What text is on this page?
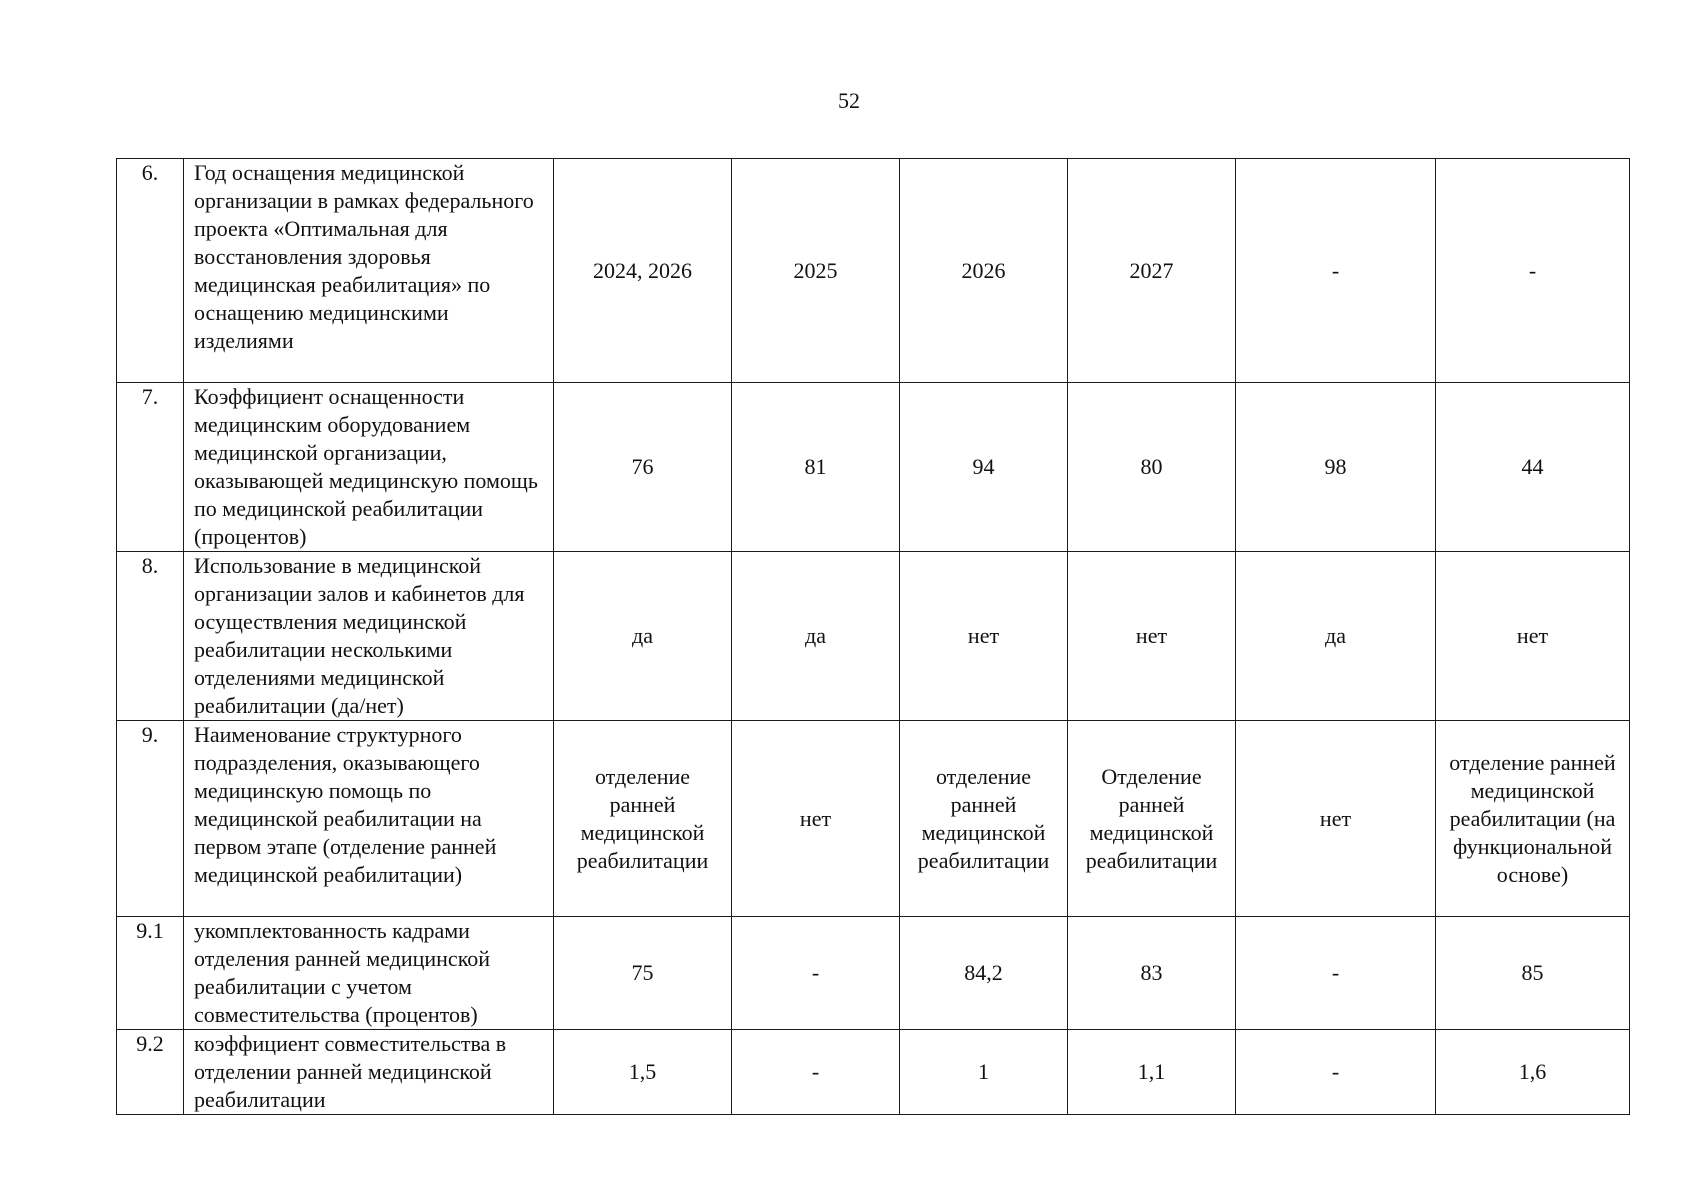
52
6.	Год оснащения медицинской организации в рамках федерального проекта «Оптимальная для восстановления здоровья медицинская реабилитация» по оснащению медицинскими изделиями	2024, 2026	2025	2026	2027	-	-
7.	Коэффициент оснащенности медицинским оборудованием медицинской организации, оказывающей медицинскую помощь по медицинской реабилитации (процентов)	76	81	94	80	98	44
8.	Использование в медицинской организации залов и кабинетов для осуществления медицинской реабилитации несколькими отделениями медицинской реабилитации (да/нет)	да	да	нет	нет	да	нет
9.	Наименование структурного подразделения, оказывающего медицинскую помощь по медицинской реабилитации на первом этапе (отделение ранней медицинской реабилитации)	отделение ранней медицинской реабилитации	нет	отделение ранней медицинской реабилитации	Отделение ранней медицинской реабилитации	нет	отделение ранней медицинской реабилитации (на функциональной основе)
9.1	укомплектованность кадрами отделения ранней медицинской реабилитации с учетом совместительства (процентов)	75	-	84,2	83	-	85
9.2	коэффициент совместительства в отделении ранней медицинской реабилитации	1,5	-	1	1,1	-	1,6
